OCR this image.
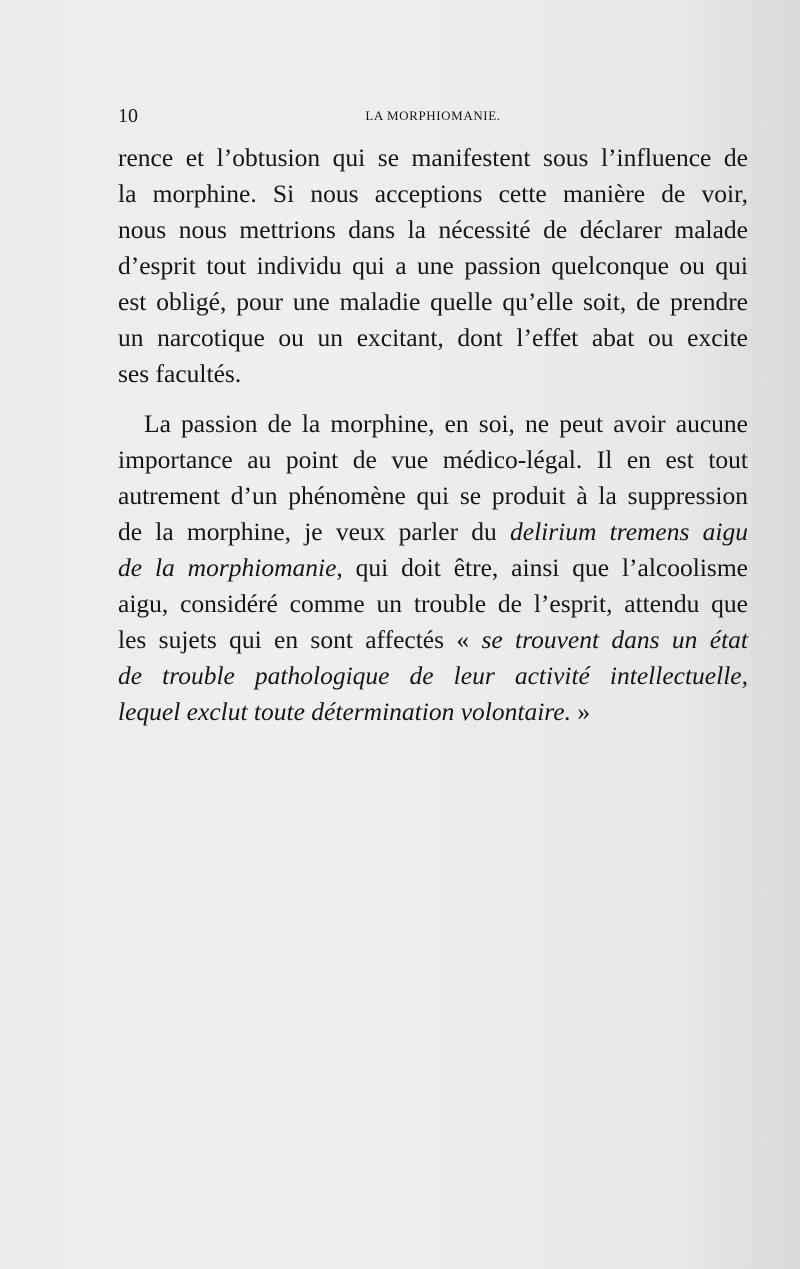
10	LA MORPHIOMANIE.
rence et l’obtusion qui se manifestent sous l’influence de
la morphine. Si nous acceptions cette manière de voir,
nous nous mettrions dans la nécessité de déclarer malade
d’esprit tout individu qui a une passion quelconque ou qui
est obligé, pour une maladie quelle qu’elle soit, de prendre
un narcotique ou un excitant, dont l’effet abat ou excite
ses facultés.
La passion de la morphine, en soi, ne peut avoir aucune
importance au point de vue médico-légal. Il en est tout
autrement d’un phénomène qui se produit à la suppression
de la morphine, je veux parler du delirium tremens aigu
de la morphiomanie, qui doit être, ainsi que l’alcoolisme
aigu, considéré comme un trouble de l’esprit, attendu que
les sujets qui en sont affectés « se trouvent dans un état
de trouble pathologique de leur activité intellectuelle,
lequel exclut toute détermination volontaire. »
